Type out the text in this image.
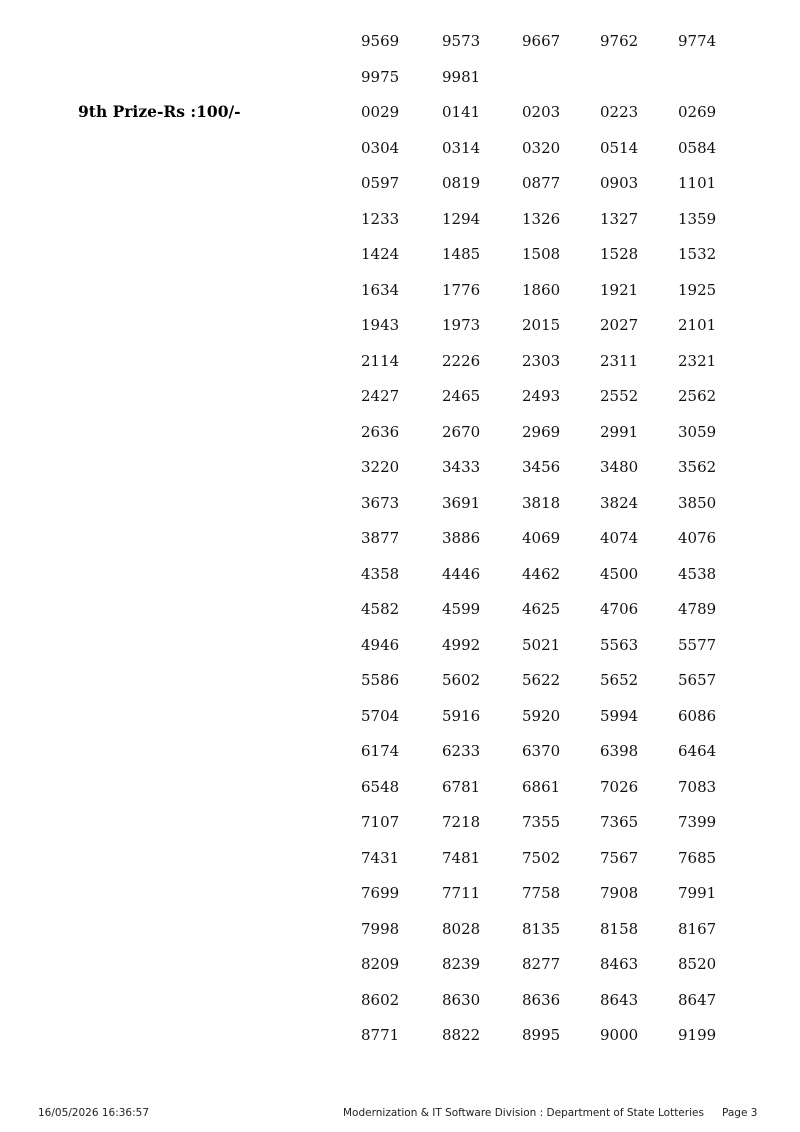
9th Prize-Rs :100/-
9569	9573	9667	9762	9774
9975	9981
0029	0141	0203	0223	0269
0304	0314	0320	0514	0584
0597	0819	0877	0903	1101
1233	1294	1326	1327	1359
1424	1485	1508	1528	1532
1634	1776	1860	1921	1925
1943	1973	2015	2027	2101
2114	2226	2303	2311	2321
2427	2465	2493	2552	2562
2636	2670	2969	2991	3059
3220	3433	3456	3480	3562
3673	3691	3818	3824	3850
3877	3886	4069	4074	4076
4358	4446	4462	4500	4538
4582	4599	4625	4706	4789
4946	4992	5021	5563	5577
5586	5602	5622	5652	5657
5704	5916	5920	5994	6086
6174	6233	6370	6398	6464
6548	6781	6861	7026	7083
7107	7218	7355	7365	7399
7431	7481	7502	7567	7685
7699	7711	7758	7908	7991
7998	8028	8135	8158	8167
8209	8239	8277	8463	8520
8602	8630	8636	8643	8647
8771	8822	8995	9000	9199
16/05/2026 16:36:57	Modernization & IT Software Division : Department of State Lotteries Page 3
